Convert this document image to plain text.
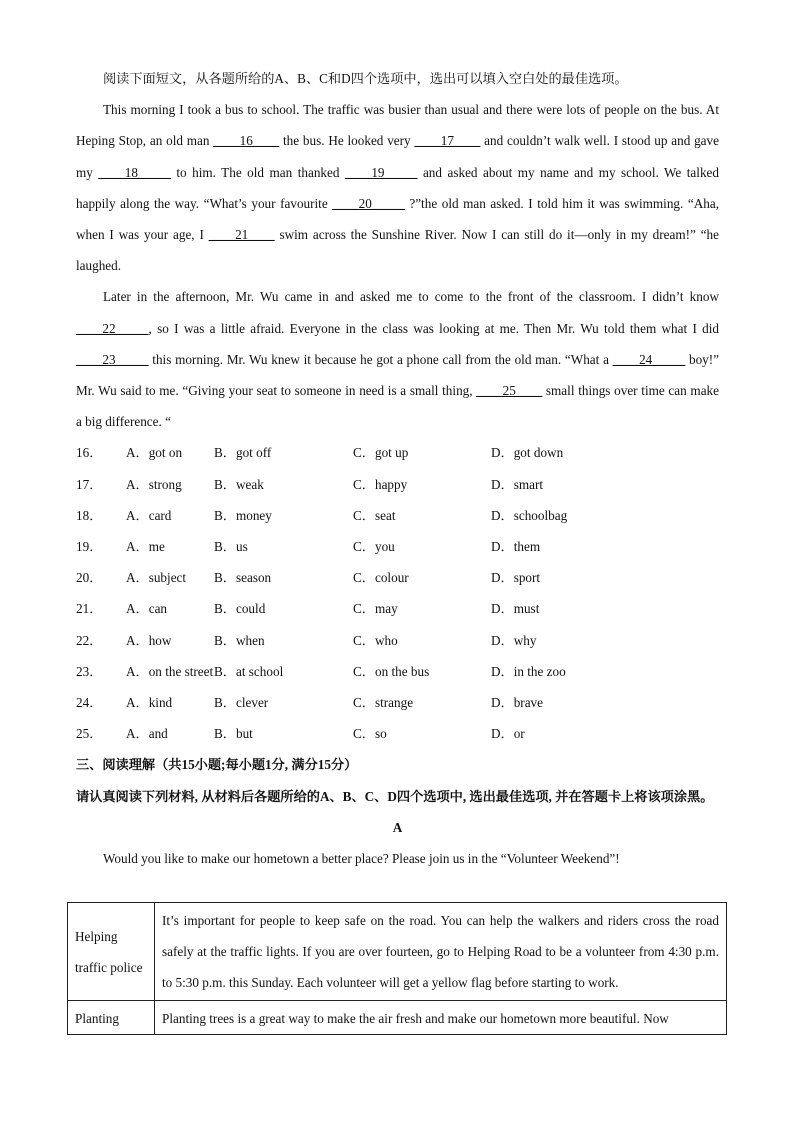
阅读下面短文，从各题所给的A、B、C和D四个选项中，选出可以填入空白处的最佳选项。

This morning I took a bus to school. The traffic was busier than usual and there were lots of people on the bus. At Heping Stop, an old man ____16____ the bus. He looked very ____17____ and couldn’t walk well. I stood up and gave my ____18_____ to him. The old man thanked ____19_____ and asked about my name and my school. We talked happily along the way. “What’s your favourite ____20_____ ?”the old man asked. I told him it was swimming. “Aha, when I was your age, I ____21____ swim across the Sunshine River. Now I can still do it—only in my dream!” “he laughed.

Later in the afternoon, Mr. Wu came in and asked me to come to the front of the classroom. I didn’t know ____22_____, so I was a little afraid. Everyone in the class was looking at me. Then Mr. Wu told them what I did ____23_____ this morning. Mr. Wu knew it because he got a phone call from the old man. “What a ____24_____ boy!” Mr. Wu said to me. “Giving your seat to someone in need is a small thing, ____25____ small things over time can make a big difference. “

16．	A．got on	B．got off	C．got up	D．got down
17．	A．strong	B．weak	C．happy	D．smart
18．	A．card	B．money	C．seat	D．schoolbag
19．	A．me	B．us	C．you	D．them
20．	A．subject	B．season	C．colour	D．sport
21．	A．can	B．could	C．may	D．must
22．	A．how	B．when	C．who	D．why
23．	A．on the street B．at school	C．on the bus	D．in the zoo
24．	A．kind	B．clever	C．strange	D．brave
25．	A．and	B．but	C．so	D．or

三、阅读理解（共15小题;每小题1分, 满分15分）

请认真阅读下列材料, 从材料后各题所给的A、B、C、D四个选项中, 选出最佳选项, 并在答题卡上将该项涂黑。

A

Would you like to make our hometown a better place? Please join us in the “Volunteer Weekend”!

Helping traffic police	It’s important for people to keep safe on the road. You can help the walkers and riders cross the road safely at the traffic lights. If you are over fourteen, go to Helping Road to be a volunteer from 4:30 p.m. to 5:30 p.m. this Sunday. Each volunteer will get a yellow flag before starting to work.
Planting	Planting trees is a great way to make the air fresh and make our hometown more beautiful. Now
